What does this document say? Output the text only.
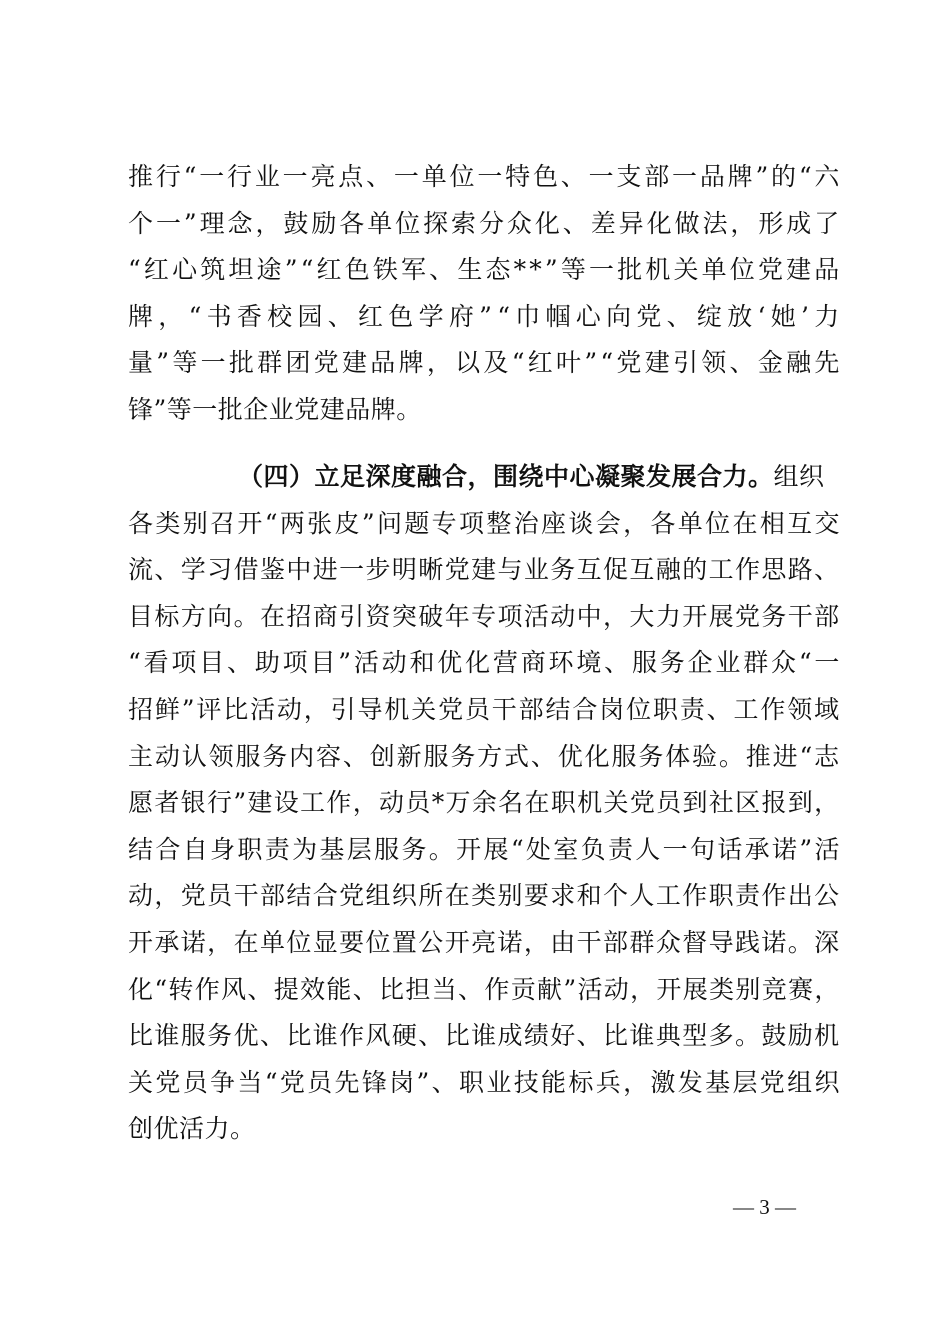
推 行 “ 一 行 业 一 亮 点 、 一 单 位 一 特 色 、 一 支 部 一 品 牌 ” 的 “ 六
个 一 ” 理 念 ， 鼓 励 各 单 位 探 索 分 众 化 、 差 异 化 做 法 ， 形 成 了
“ 红 心 筑 坦 途 ” “ 红 色 铁 军 、 生 态 * * ” 等 一 批 机 关 单 位 党 建 品
牌 ， “ 书 香 校 园 、 红 色 学 府 ” “ 巾 帼 心 向 党 、 绽 放 ‘ 她 ’ 力
量 ” 等 一 批 群 团 党 建 品 牌 ， 以 及 “ 红 叶 ” “ 党 建 引 领 、 金 融 先
锋”等一批企业党建品牌。
（四）立足深度融合，围绕中心凝聚发展合力。组织
各 类 别 召 开 “ 两 张 皮 ” 问 题 专 项 整 治 座 谈 会 ， 各 单 位 在 相 互 交
流 、 学 习 借 鉴 中 进 一 步 明 晰 党 建 与 业 务 互 促 互 融 的 工 作 思 路 、
目 标 方 向 。 在 招 商 引 资 突 破 年 专 项 活 动 中 ， 大 力 开 展 党 务 干 部
“ 看 项 目 、 助 项 目 ” 活 动 和 优 化 营 商 环 境 、 服 务 企 业 群 众 “ 一
招 鲜 ” 评 比 活 动 ， 引 导 机 关 党 员 干 部 结 合 岗 位 职 责 、 工 作 领 域
主 动 认 领 服 务 内 容 、 创 新 服 务 方 式 、 优 化 服 务 体 验 。 推 进 “ 志
愿 者 银 行 ” 建 设 工 作 ， 动 员 * 万 余 名 在 职 机 关 党 员 到 社 区 报 到 ，
结 合 自 身 职 责 为 基 层 服 务 。 开 展 “ 处 室 负 责 人 一 句 话 承 诺 ” 活
动 ， 党 员 干 部 结 合 党 组 织 所 在 类 别 要 求 和 个 人 工 作 职 责 作 出 公
开 承 诺 ， 在 单 位 显 要 位 置 公 开 亮 诺 ， 由 干 部 群 众 督 导 践 诺 。 深
化 “ 转 作 风 、 提 效 能 、 比 担 当 、 作 贡 献 ” 活 动 ， 开 展 类 别 竞 赛 ，
比 谁 服 务 优 、 比 谁 作 风 硬 、 比 谁 成 绩 好 、 比 谁 典 型 多 。 鼓 励 机
关 党 员 争 当 “ 党 员 先 锋 岗 ” 、 职 业 技 能 标 兵 ， 激 发 基 层 党 组 织
创优活力。
— 3 —
